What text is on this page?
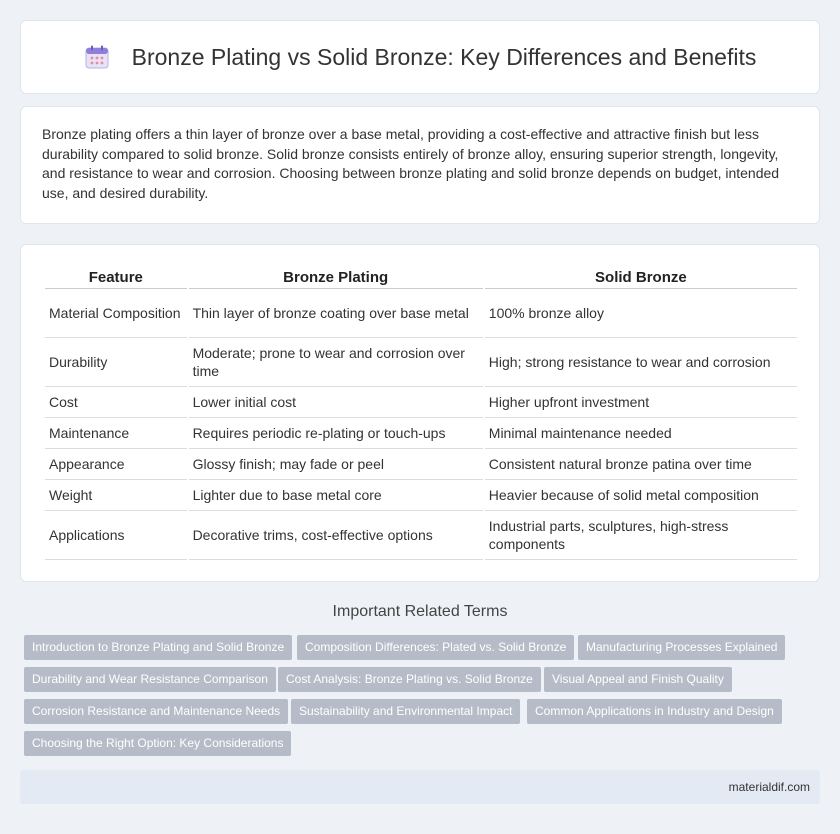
Bronze Plating vs Solid Bronze: Key Differences and Benefits

Bronze plating offers a thin layer of bronze over a base metal, providing a cost-effective and attractive finish but less durability compared to solid bronze. Solid bronze consists entirely of bronze alloy, ensuring superior strength, longevity, and resistance to wear and corrosion. Choosing between bronze plating and solid bronze depends on budget, intended use, and desired durability.

Feature	Bronze Plating	Solid Bronze
Material Composition	Thin layer of bronze coating over base metal	100% bronze alloy
Durability	Moderate; prone to wear and corrosion over time	High; strong resistance to wear and corrosion
Cost	Lower initial cost	Higher upfront investment
Maintenance	Requires periodic re-plating or touch-ups	Minimal maintenance needed
Appearance	Glossy finish; may fade or peel	Consistent natural bronze patina over time
Weight	Lighter due to base metal core	Heavier because of solid metal composition
Applications	Decorative trims, cost-effective options	Industrial parts, sculptures, high-stress components
Important Related Terms
Introduction to Bronze Plating and Solid Bronze	Composition Differences: Plated vs. Solid Bronze	Manufacturing Processes Explained
Durability and Wear Resistance Comparison	Cost Analysis: Bronze Plating vs. Solid Bronze	Visual Appeal and Finish Quality
Corrosion Resistance and Maintenance Needs	Sustainability and Environmental Impact	Common Applications in Industry and Design
Choosing the Right Option: Key Considerations
materialdif.com
